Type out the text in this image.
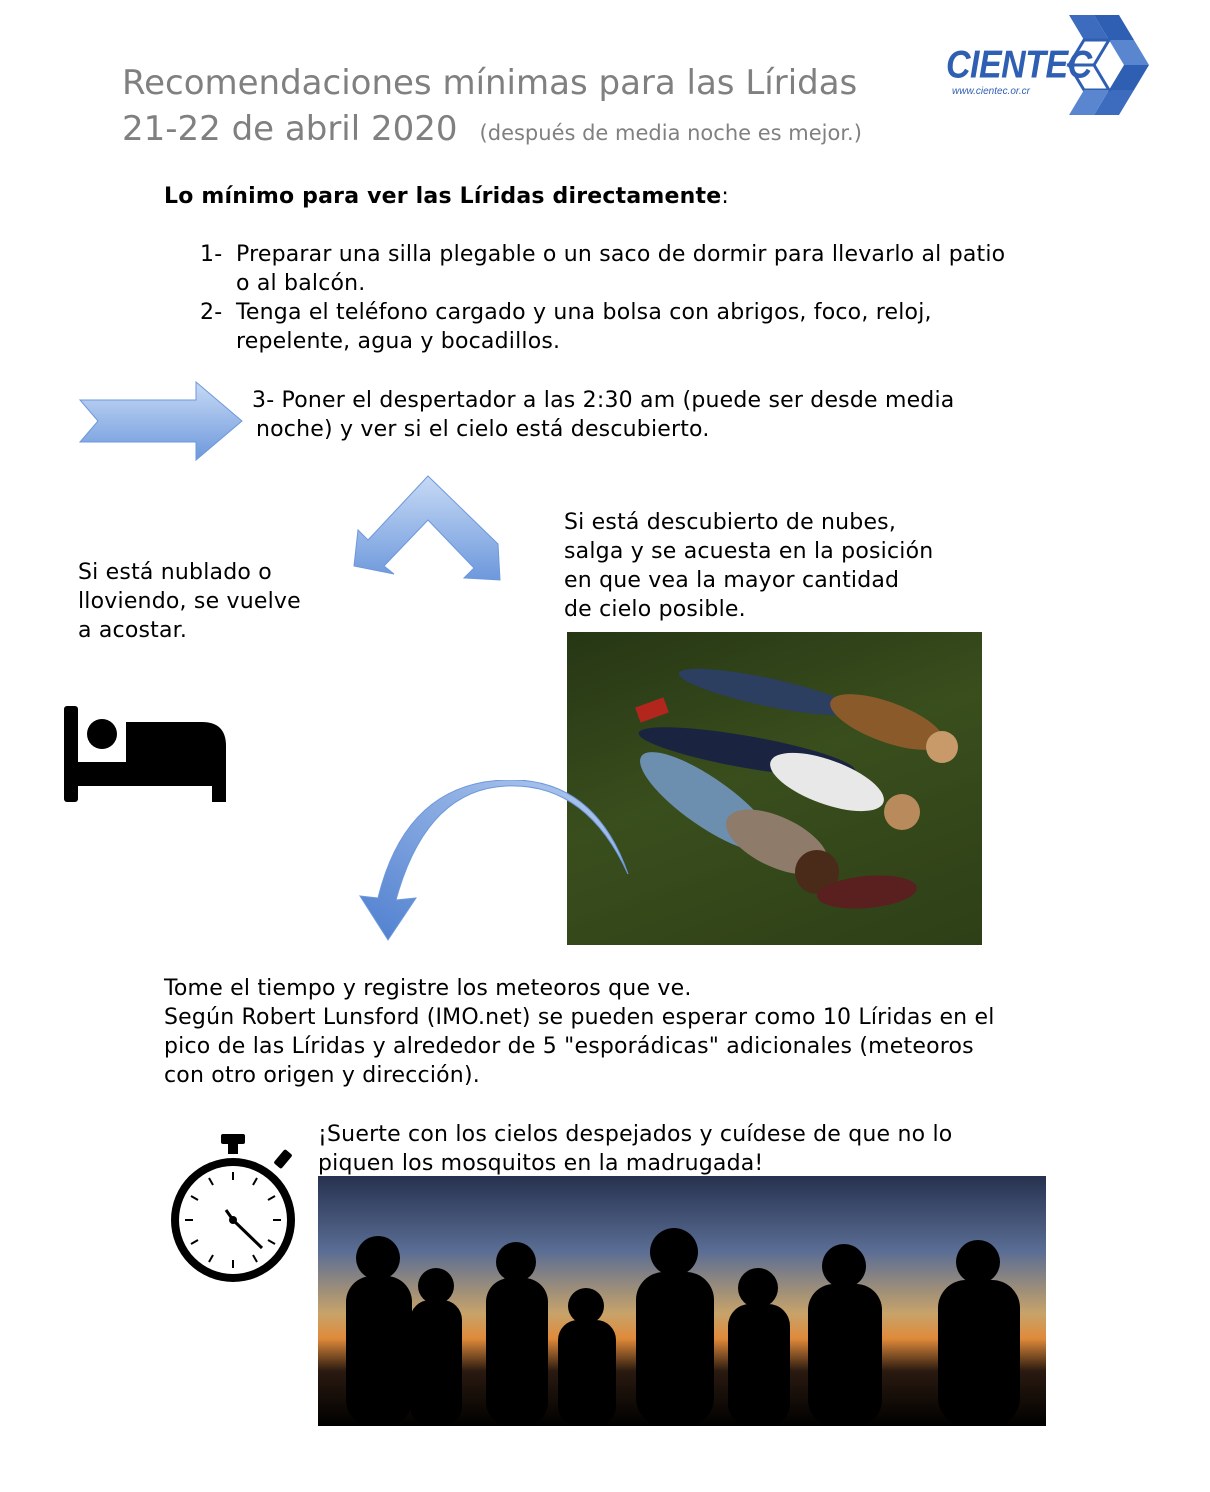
Recomendaciones mínimas para las Líridas
21-22 de abril 2020 (después de media noche es mejor.)
CIENTEC
www.cientec.or.cr
Lo mínimo para ver las Líridas directamente:
1- Preparar una silla plegable o un saco de dormir para llevarlo al patio o al balcón.
2- Tenga el teléfono cargado y una bolsa con abrigos, foco, reloj, repelente, agua y bocadillos.
3- Poner el despertador a las 2:30 am (puede ser desde media
noche) y ver si el cielo está descubierto.
Si está descubierto de nubes, salga y se acuesta en la posición en que vea la mayor cantidad de cielo posible.
Si está nublado o lloviendo, se vuelve a acostar.
Tome el tiempo y registre los meteoros que ve.
Según Robert Lunsford (IMO.net) se pueden esperar como 10 Líridas en el pico de las Líridas y alrededor de 5 "esporádicas" adicionales (meteoros con otro origen y dirección).
¡Suerte con los cielos despejados y cuídese de que no lo piquen los mosquitos en la madrugada!
